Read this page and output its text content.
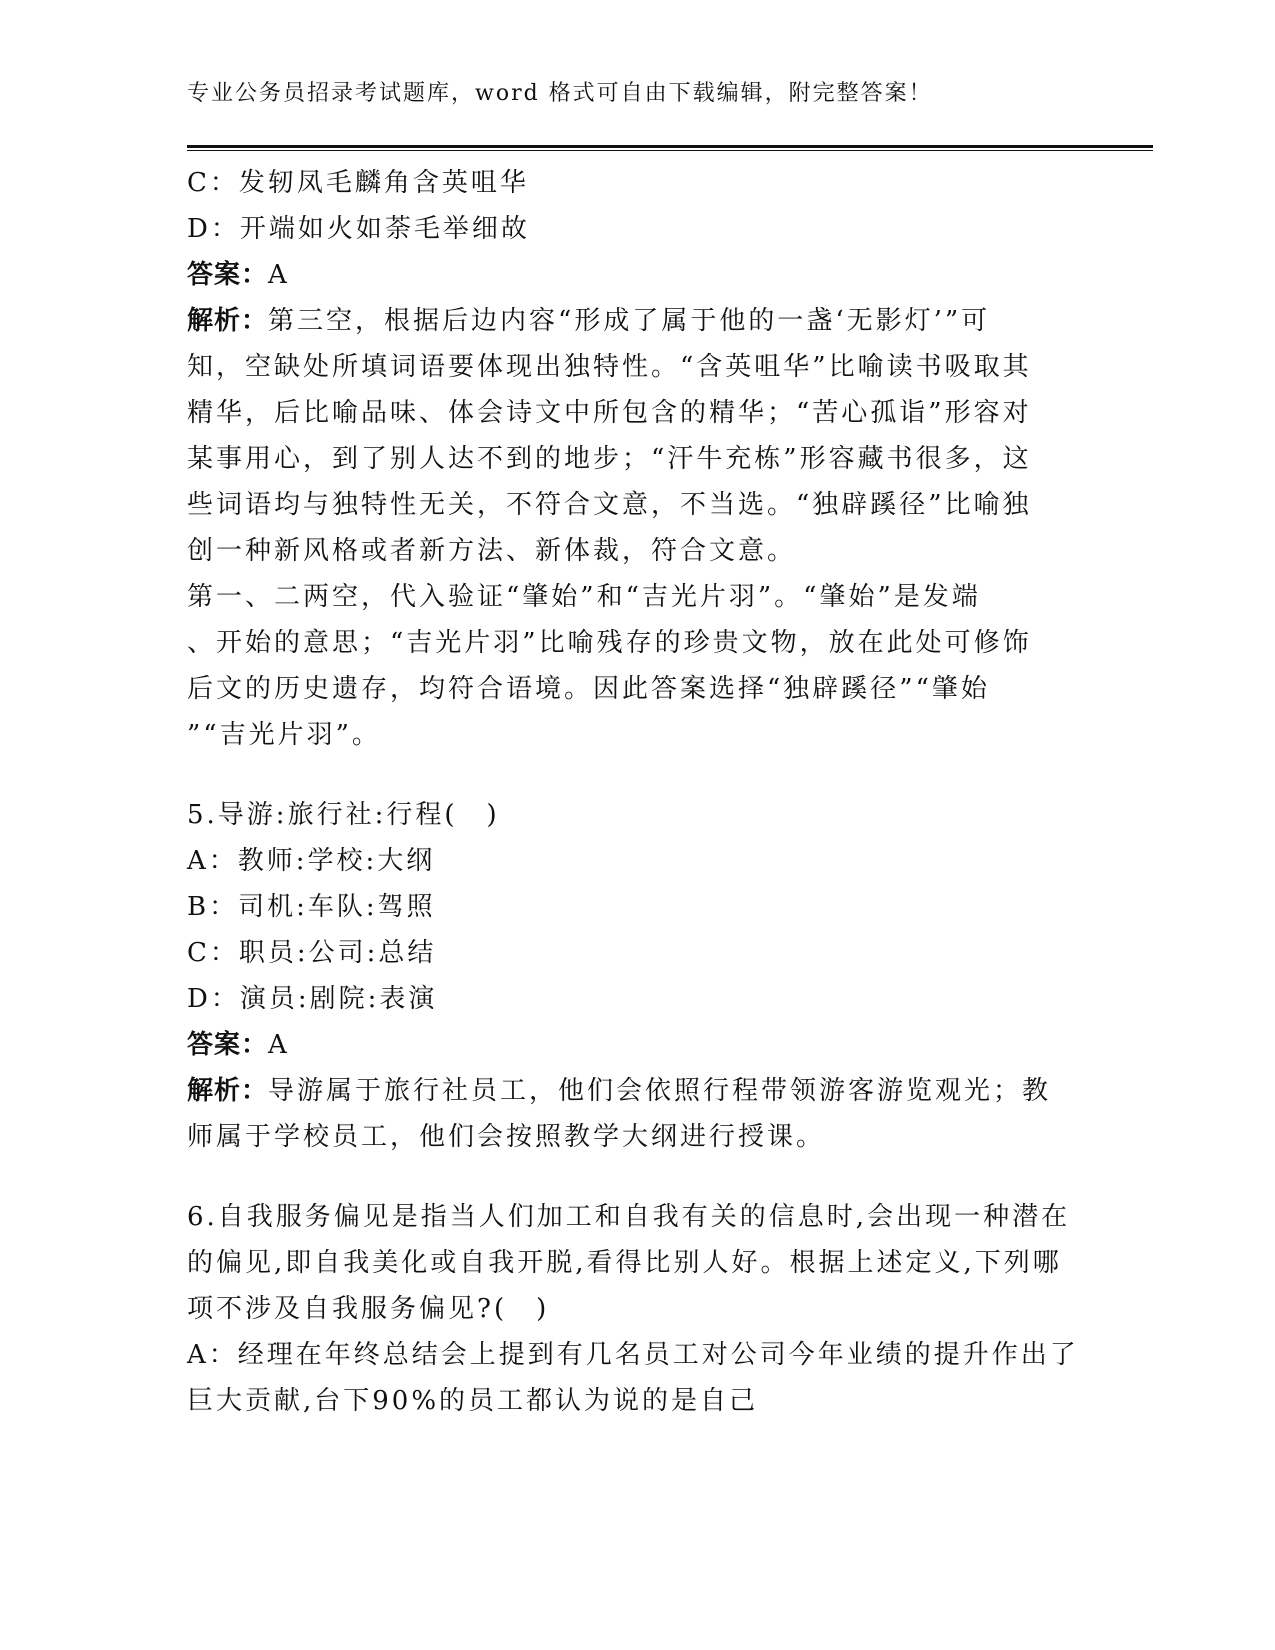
专业公务员招录考试题库，word 格式可自由下载编辑，附完整答案！
C：发轫凤毛麟角含英咀华
D：开端如火如荼毛举细故
答案：A
解析：第三空，根据后边内容“形成了属于他的一盏‘无影灯’”可
知，空缺处所填词语要体现出独特性。“含英咀华”比喻读书吸取其
精华，后比喻品味、体会诗文中所包含的精华；“苦心孤诣”形容对
某事用心，到了别人达不到的地步；“汗牛充栋”形容藏书很多，这
些词语均与独特性无关，不符合文意，不当选。“独辟蹊径”比喻独
创一种新风格或者新方法、新体裁，符合文意。
第一、二两空，代入验证“肇始”和“吉光片羽”。“肇始”是发端
、开始的意思；“吉光片羽”比喻残存的珍贵文物，放在此处可修饰
后文的历史遗存，均符合语境。因此答案选择“独辟蹊径”“肇始
”“吉光片羽”。
5.导游:旅行社:行程(　)
A：教师:学校:大纲
B：司机:车队:驾照
C：职员:公司:总结
D：演员:剧院:表演
答案：A
解析：导游属于旅行社员工，他们会依照行程带领游客游览观光；教
师属于学校员工，他们会按照教学大纲进行授课。
6.自我服务偏见是指当人们加工和自我有关的信息时,会出现一种潜在
的偏见,即自我美化或自我开脱,看得比别人好。根据上述定义,下列哪
项不涉及自我服务偏见?(　)
A：经理在年终总结会上提到有几名员工对公司今年业绩的提升作出了
巨大贡献,台下90%的员工都认为说的是自己
